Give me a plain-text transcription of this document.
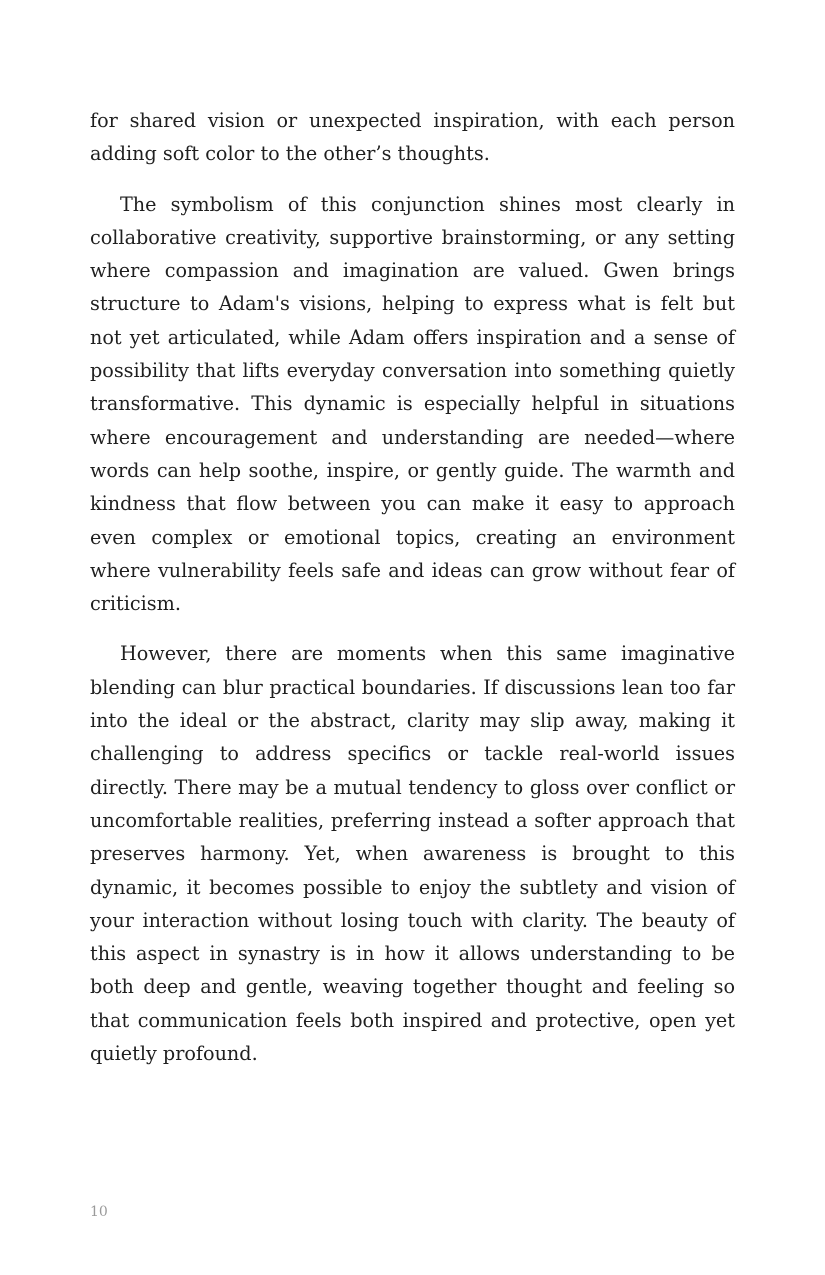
for shared vision or unexpected inspiration, with each person adding soft color to the other’s thoughts.

The symbolism of this conjunction shines most clearly in collaborative creativity, supportive brainstorming, or any setting where compassion and imagination are valued. Gwen brings structure to Adam's visions, helping to express what is felt but not yet articulated, while Adam offers inspiration and a sense of possibility that lifts everyday conversation into something quietly transformative. This dynamic is especially helpful in situations where encouragement and understanding are needed—where words can help soothe, inspire, or gently guide. The warmth and kindness that flow between you can make it easy to approach even complex or emotional topics, creating an environment where vulnerability feels safe and ideas can grow without fear of criticism.

However, there are moments when this same imaginative blending can blur practical boundaries. If discussions lean too far into the ideal or the abstract, clarity may slip away, making it challenging to address specifics or tackle real-world issues directly. There may be a mutual tendency to gloss over conflict or uncomfortable realities, preferring instead a softer approach that preserves harmony. Yet, when awareness is brought to this dynamic, it becomes possible to enjoy the subtlety and vision of your interaction without losing touch with clarity. The beauty of this aspect in synastry is in how it allows understanding to be both deep and gentle, weaving together thought and feeling so that communication feels both inspired and protective, open yet quietly profound.

10
